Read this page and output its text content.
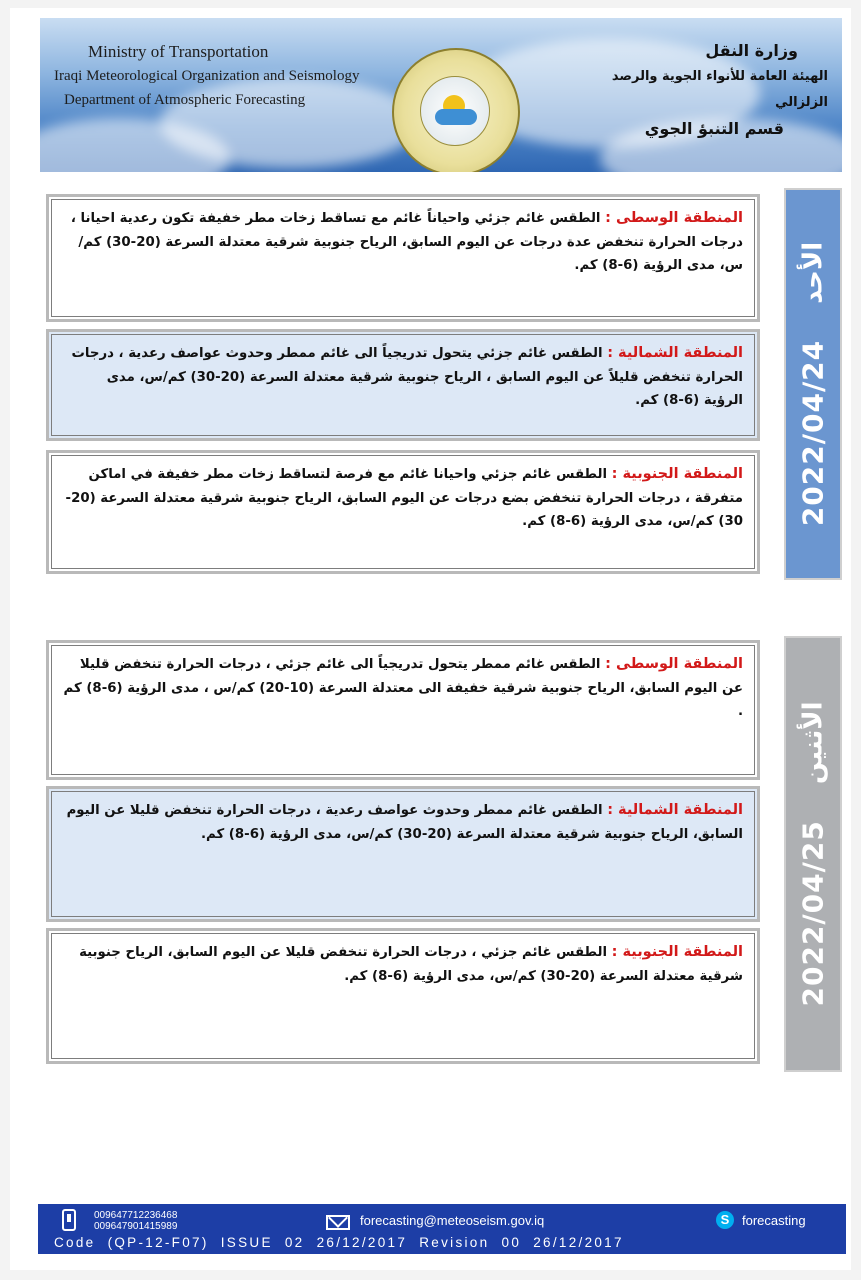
Ministry of Transportation
Iraqi Meteorological Organization and Seismology
Department of Atmospheric Forecasting
وزارة النقل
الهيئة العامة للأنواء الجوية والرصد الزلزالي
قسم التنبؤ الجوي
2022/04/24
الأحد
المنطقة الوسطى : الطقس غائم جزئي واحياناً غائم مع تساقط زخات مطر خفيفة تكون رعدية احيانا ، درجات الحرارة تنخفض عدة درجات عن اليوم السابق، الرياح جنوبية شرقية معتدلة السرعة (20-30) كم/س، مدى الرؤية (6-8) كم.
المنطقة الشمالية : الطقس غائم جزئي يتحول تدريجياً الى غائم ممطر وحدوث عواصف رعدية ، درجات الحرارة تنخفض قليلاً عن اليوم السابق ، الرياح جنوبية شرقية معتدلة السرعة (20-30) كم/س، مدى الرؤية (6-8) كم.
المنطقة الجنوبية : الطقس غائم جزئي واحيانا غائم مع فرصة لتساقط زخات مطر خفيفة في اماكن متفرقة ، درجات الحرارة تنخفض بضع درجات عن اليوم السابق، الرياح جنوبية شرقية معتدلة السرعة (20-30) كم/س، مدى الرؤية (6-8) كم.
2022/04/25
الأثنين
المنطقة الوسطى : الطقس غائم ممطر يتحول تدريجياً الى غائم جزئي ، درجات الحرارة تنخفض قليلا عن اليوم السابق، الرياح جنوبية شرقية خفيفة الى معتدلة السرعة (10-20) كم/س ، مدى الرؤية (6-8) كم .
المنطقة الشمالية : الطقس غائم ممطر وحدوث عواصف رعدية ، درجات الحرارة تنخفض قليلا عن اليوم السابق، الرياح جنوبية شرقية معتدلة السرعة (20-30) كم/س، مدى الرؤية (6-8) كم.
المنطقة الجنوبية : الطقس غائم جزئي ، درجات الحرارة تنخفض قليلا عن اليوم السابق، الرياح جنوبية شرقية معتدلة السرعة (20-30) كم/س، مدى الرؤية (6-8) كم.
009647712236468
009647901415989	forecasting@meteoseism.gov.iq	S forecasting
Code  (QP-12-F07)  ISSUE  02  26/12/2017  Revision  00  26/12/2017
